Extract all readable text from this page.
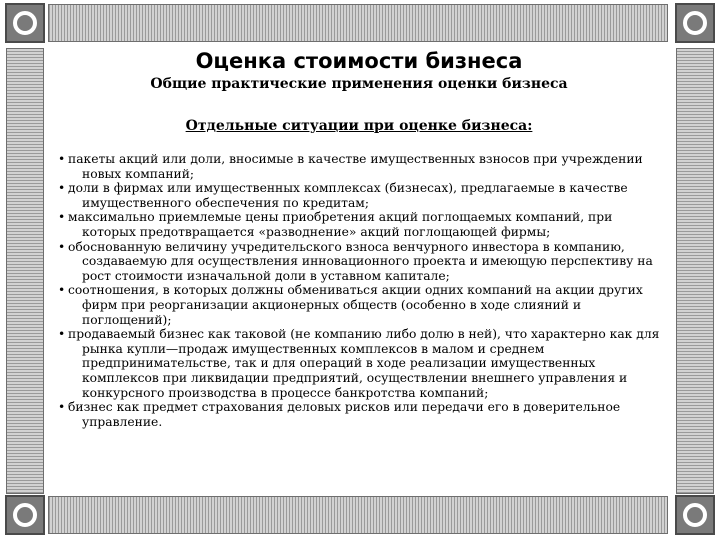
Оценка стоимости бизнеса
Общие практические применения оценки бизнеса
Отдельные ситуации при оценке бизнеса:
• пакеты акций или доли, вносимые в качестве имущественных взносов при учреждении новых компаний;
• доли в фирмах или имущественных комплексах (бизнесах), предлагаемые в качестве имущественного обеспечения по кредитам;
• максимально приемлемые цены приобретения акций поглощаемых компаний, при которых предотвращается «разводнение» акций поглощающей фирмы;
• обоснованную величину учредительского взноса венчурного инвестора в компанию, создаваемую для осуществления инновационного проекта и имеющую перспективу на рост стоимости изначальной доли в уставном капитале;
• соотношения, в которых должны обмениваться акции одних компаний на акции других фирм при реорганизации акционерных обществ (особенно в ходе слияний и поглощений);
• продаваемый бизнес как таковой (не компанию либо долю в ней), что характерно как для рынка купли—продаж имущественных комплексов в малом и среднем предпринимательстве, так и для операций в ходе реализации имущественных комплексов при ликвидации предприятий, осуществлении внешнего управления и конкурсного производства в процессе банкротства компаний;
• бизнес как предмет страхования деловых рисков или передачи его в доверительное управление.
